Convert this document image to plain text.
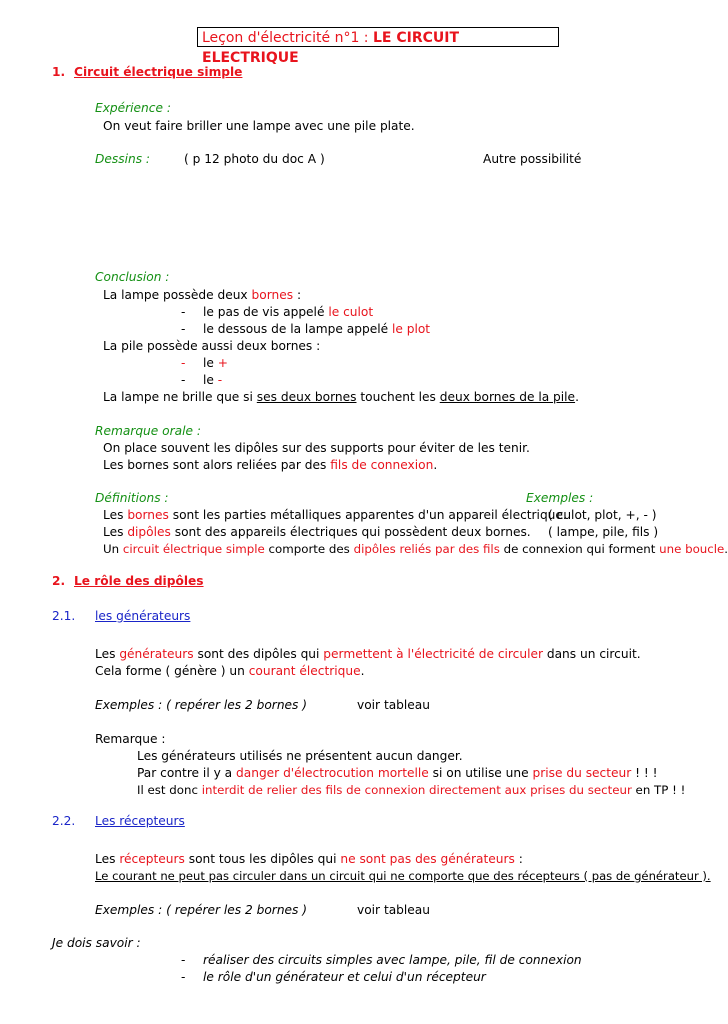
Leçon d'électricité n°1 : LE CIRCUIT ELECTRIQUE
1. Circuit électrique simple
Expérience :
On veut faire briller une lampe avec une pile plate.
Dessins :	( p 12 photo du doc A )	Autre possibilité
Conclusion :
La lampe possède deux bornes :
- le pas de vis appelé le culot
- le dessous de la lampe appelé le plot
La pile possède aussi deux bornes :
- le +
- le -
La lampe ne brille que si ses deux bornes touchent les deux bornes de la pile.
Remarque orale :
On place souvent les dipôles sur des supports pour éviter de les tenir.
Les bornes sont alors reliées par des fils de connexion.
Définitions :	Exemples :
Les bornes sont les parties métalliques apparentes d'un appareil électrique.
( culot, plot, +, - )
Les dipôles sont des appareils électriques qui possèdent deux bornes. ( lampe, pile, fils )
Un circuit électrique simple comporte des dipôles reliés par des fils de connexion qui forment une boucle.
2. Le rôle des dipôles
2.1. les générateurs
Les générateurs sont des dipôles qui permettent à l'électricité de circuler dans un circuit.
Cela forme ( génère ) un courant électrique.
Exemples : ( repérer les 2 bornes )	voir tableau
Remarque :
Les générateurs utilisés ne présentent aucun danger.
Par contre il y a danger d'électrocution mortelle si on utilise une prise du secteur ! ! !
Il est donc interdit de relier des fils de connexion directement aux prises du secteur en TP ! !
2.2. Les récepteurs
Les récepteurs sont tous les dipôles qui ne sont pas des générateurs :
Le courant ne peut pas circuler dans un circuit qui ne comporte que des récepteurs ( pas de générateur ).
Exemples : ( repérer les 2 bornes )	voir tableau
Je dois savoir :
- réaliser des circuits simples avec lampe, pile, fil de connexion
- le rôle d'un générateur et celui d'un récepteur
